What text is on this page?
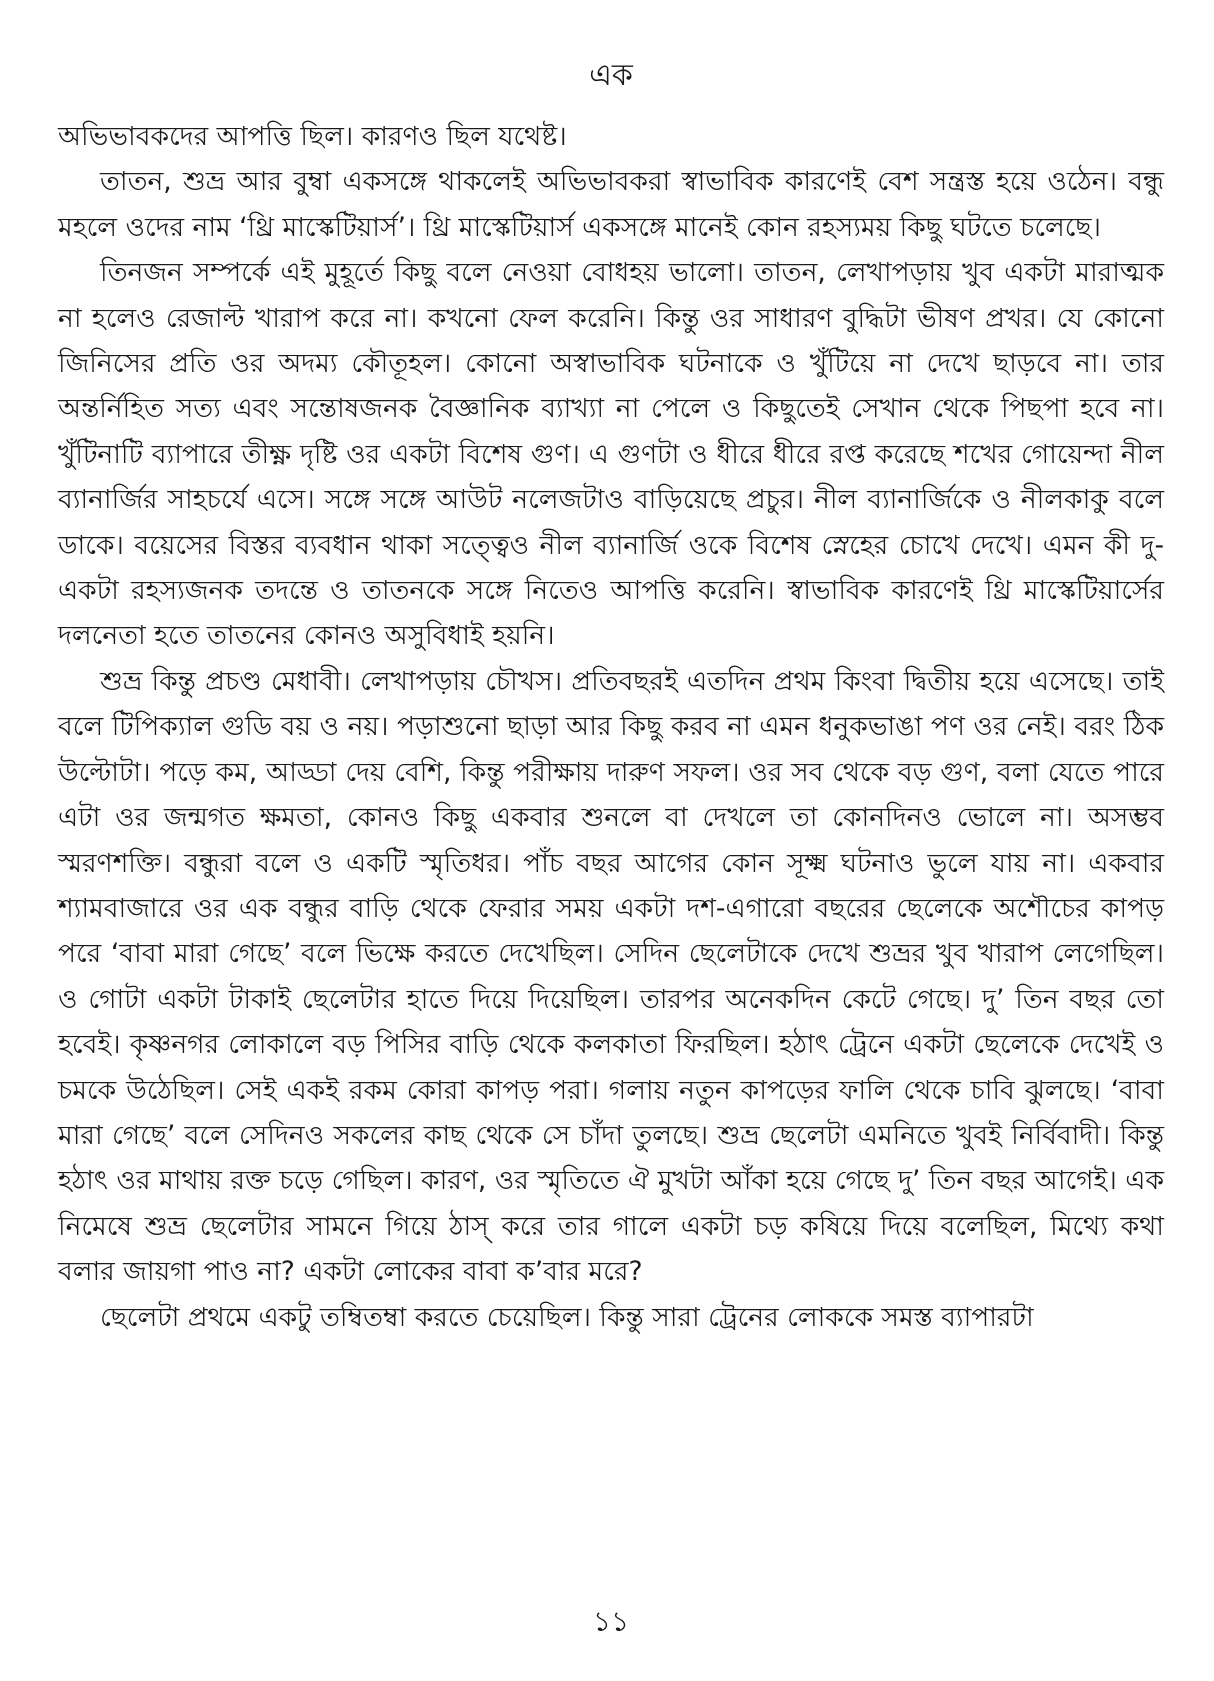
এক

অভিভাবকদের আপত্তি ছিল। কারণও ছিল যথেষ্ট।

তাতন, শুভ্র আর বুম্বা একসঙ্গে থাকলেই অভিভাবকরা স্বাভাবিক কারণেই বেশ সন্ত্রস্ত হয়ে ওঠেন। বন্ধু মহলে ওদের নাম ‘থ্রি মাস্কেটিয়ার্স’। থ্রি মাস্কেটিয়ার্স একসঙ্গে মানেই কোন রহস্যময় কিছু ঘটতে চলেছে।

তিনজন সম্পর্কে এই মুহূর্তে কিছু বলে নেওয়া বোধহয় ভালো। তাতন, লেখাপড়ায় খুব একটা মারাত্মক না হলেও রেজাল্ট খারাপ করে না। কখনো ফেল করেনি। কিন্তু ওর সাধারণ বুদ্ধিটা ভীষণ প্রখর। যে কোনো জিনিসের প্রতি ওর অদম্য কৌতূহল। কোনো অস্বাভাবিক ঘটনাকে ও খুঁটিয়ে না দেখে ছাড়বে না। তার অন্তর্নিহিত সত্য এবং সন্তোষজনক বৈজ্ঞানিক ব্যাখ্যা না পেলে ও কিছুতেই সেখান থেকে পিছপা হবে না। খুঁটিনাটি ব্যাপারে তীক্ষ্ণ দৃষ্টি ওর একটা বিশেষ গুণ। এ গুণটা ও ধীরে ধীরে রপ্ত করেছে শখের গোয়েন্দা নীল ব্যানার্জির সাহচর্যে এসে। সঙ্গে সঙ্গে আউট নলেজটাও বাড়িয়েছে প্রচুর। নীল ব্যানার্জিকে ও নীলকাকু বলে ডাকে। বয়েসের বিস্তর ব্যবধান থাকা সত্ত্বেও নীল ব্যানার্জি ওকে বিশেষ স্নেহের চোখে দেখে। এমন কী দু-একটা রহস্যজনক তদন্তে ও তাতনকে সঙ্গে নিতেও আপত্তি করেনি। স্বাভাবিক কারণেই থ্রি মাস্কেটিয়ার্সের দলনেতা হতে তাতনের কোনও অসুবিধাই হয়নি।

শুভ্র কিন্তু প্রচণ্ড মেধাবী। লেখাপড়ায় চৌখস। প্রতিবছরই এতদিন প্রথম কিংবা দ্বিতীয় হয়ে এসেছে। তাই বলে টিপিক্যাল গুডি বয় ও নয়। পড়াশুনো ছাড়া আর কিছু করব না এমন ধনুকভাঙা পণ ওর নেই। বরং ঠিক উল্টোটা। পড়ে কম, আড্ডা দেয় বেশি, কিন্তু পরীক্ষায় দারুণ সফল। ওর সব থেকে বড় গুণ, বলা যেতে পারে এটা ওর জন্মগত ক্ষমতা, কোনও কিছু একবার শুনলে বা দেখলে তা কোনদিনও ভোলে না। অসম্ভব স্মরণশক্তি। বন্ধুরা বলে ও একটি স্মৃতিধর। পাঁচ বছর আগের কোন সূক্ষ্ম ঘটনাও ভুলে যায় না। একবার শ্যামবাজারে ওর এক বন্ধুর বাড়ি থেকে ফেরার সময় একটা দশ-এগারো বছরের ছেলেকে অশৌচের কাপড় পরে ‘বাবা মারা গেছে’ বলে ভিক্ষে করতে দেখেছিল। সেদিন ছেলেটাকে দেখে শুভ্রর খুব খারাপ লেগেছিল। ও গোটা একটা টাকাই ছেলেটার হাতে দিয়ে দিয়েছিল। তারপর অনেকদিন কেটে গেছে। দু’ তিন বছর তো হবেই। কৃষ্ণনগর লোকালে বড় পিসির বাড়ি থেকে কলকাতা ফিরছিল। হঠাৎ ট্রেনে একটা ছেলেকে দেখেই ও চমকে উঠেছিল। সেই একই রকম কোরা কাপড় পরা। গলায় নতুন কাপড়ের ফালি থেকে চাবি ঝুলছে। ‘বাবা মারা গেছে’ বলে সেদিনও সকলের কাছ থেকে সে চাঁদা তুলছে। শুভ্র ছেলেটা এমনিতে খুবই নির্বিবাদী। কিন্তু হঠাৎ ওর মাথায় রক্ত চড়ে গেছিল। কারণ, ওর স্মৃতিতে ঐ মুখটা আঁকা হয়ে গেছে দু’ তিন বছর আগেই। এক নিমেষে শুভ্র ছেলেটার সামনে গিয়ে ঠাস্ করে তার গালে একটা চড় কষিয়ে দিয়ে বলেছিল, মিথ্যে কথা বলার জায়গা পাও না? একটা লোকের বাবা ক’বার মরে?

ছেলেটা প্রথমে একটু তম্বিতম্বা করতে চেয়েছিল। কিন্তু সারা ট্রেনের লোককে সমস্ত ব্যাপারটা

১১
